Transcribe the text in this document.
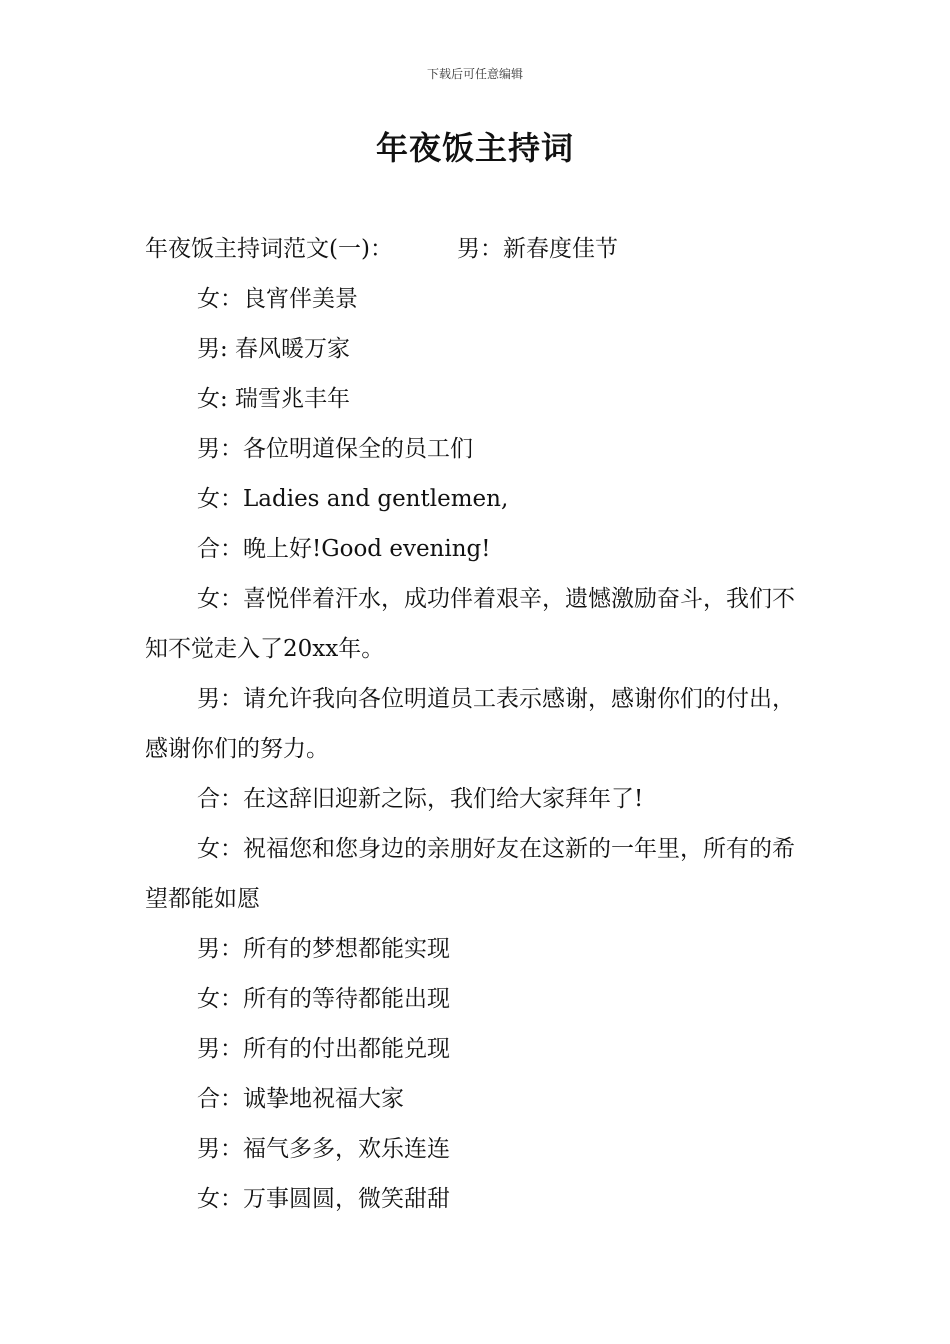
下载后可任意编辑
年夜饭主持词
年夜饭主持词范文(一)：	男：新春度佳节
女：良宵伴美景
男: 春风暖万家
女: 瑞雪兆丰年
男：各位明道保全的员工们
女：Ladies and gentlemen,
合：晚上好!Good evening!
女：喜悦伴着汗水，成功伴着艰辛，遗憾激励奋斗，我们不知不觉走入了20xx年。
男：请允许我向各位明道员工表示感谢，感谢你们的付出，感谢你们的努力。
合：在这辞旧迎新之际，我们给大家拜年了!
女：祝福您和您身边的亲朋好友在这新的一年里，所有的希望都能如愿
男：所有的梦想都能实现
女：所有的等待都能出现
男：所有的付出都能兑现
合：诚挚地祝福大家
男：福气多多，欢乐连连
女：万事圆圆，微笑甜甜
